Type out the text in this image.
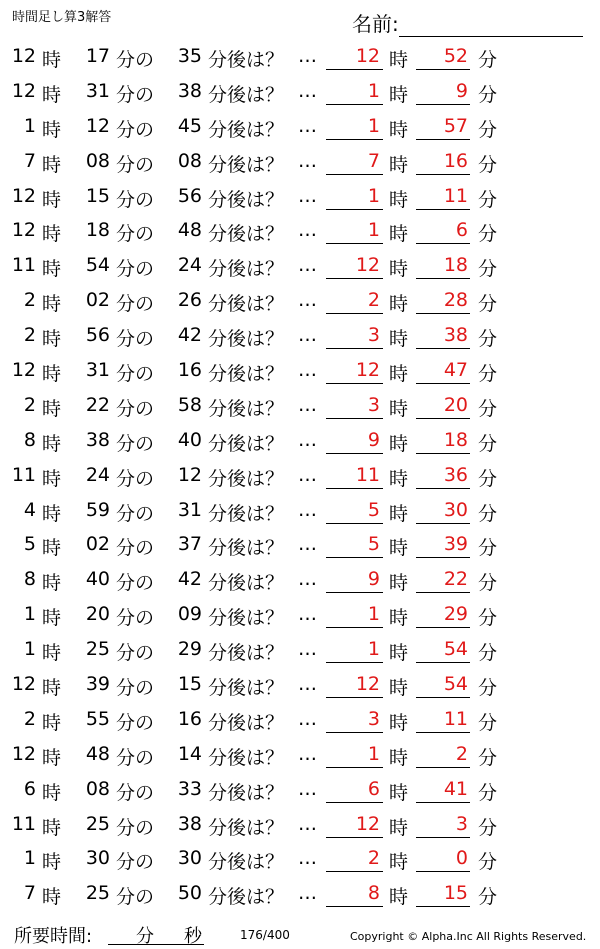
時間足し算3解答	名前:
12 時	17 分の	35 分後は？ …	12 時	52 分
12 時	31 分の	38 分後は？ …	1 時	9 分
1 時	12 分の	45 分後は？ …	1 時	57 分
7 時	08 分の	08 分後は？ …	7 時	16 分
12 時	15 分の	56 分後は？ …	1 時	11 分
12 時	18 分の	48 分後は？ …	1 時	6 分
11 時	54 分の	24 分後は？ …	12 時	18 分
2 時	02 分の	26 分後は？ …	2 時	28 分
2 時	56 分の	42 分後は？ …	3 時	38 分
12 時	31 分の	16 分後は？ …	12 時	47 分
2 時	22 分の	58 分後は？ …	3 時	20 分
8 時	38 分の	40 分後は？ …	9 時	18 分
11 時	24 分の	12 分後は？ …	11 時	36 分
4 時	59 分の	31 分後は？ …	5 時	30 分
5 時	02 分の	37 分後は？ …	5 時	39 分
8 時	40 分の	42 分後は？ …	9 時	22 分
1 時	20 分の	09 分後は？ …	1 時	29 分
1 時	25 分の	29 分後は？ …	1 時	54 分
12 時	39 分の	15 分後は？ …	12 時	54 分
2 時	55 分の	16 分後は？ …	3 時	11 分
12 時	48 分の	14 分後は？ …	1 時	2 分
6 時	08 分の	33 分後は？ …	6 時	41 分
11 時	25 分の	38 分後は？ …	12 時	3 分
1 時	30 分の	30 分後は？ …	2 時	0 分
7 時	25 分の	50 分後は？ …	8 時	15 分
所要時間: 分 秒	176/400	Copyright © Alpha.Inc All Rights Reserved.
